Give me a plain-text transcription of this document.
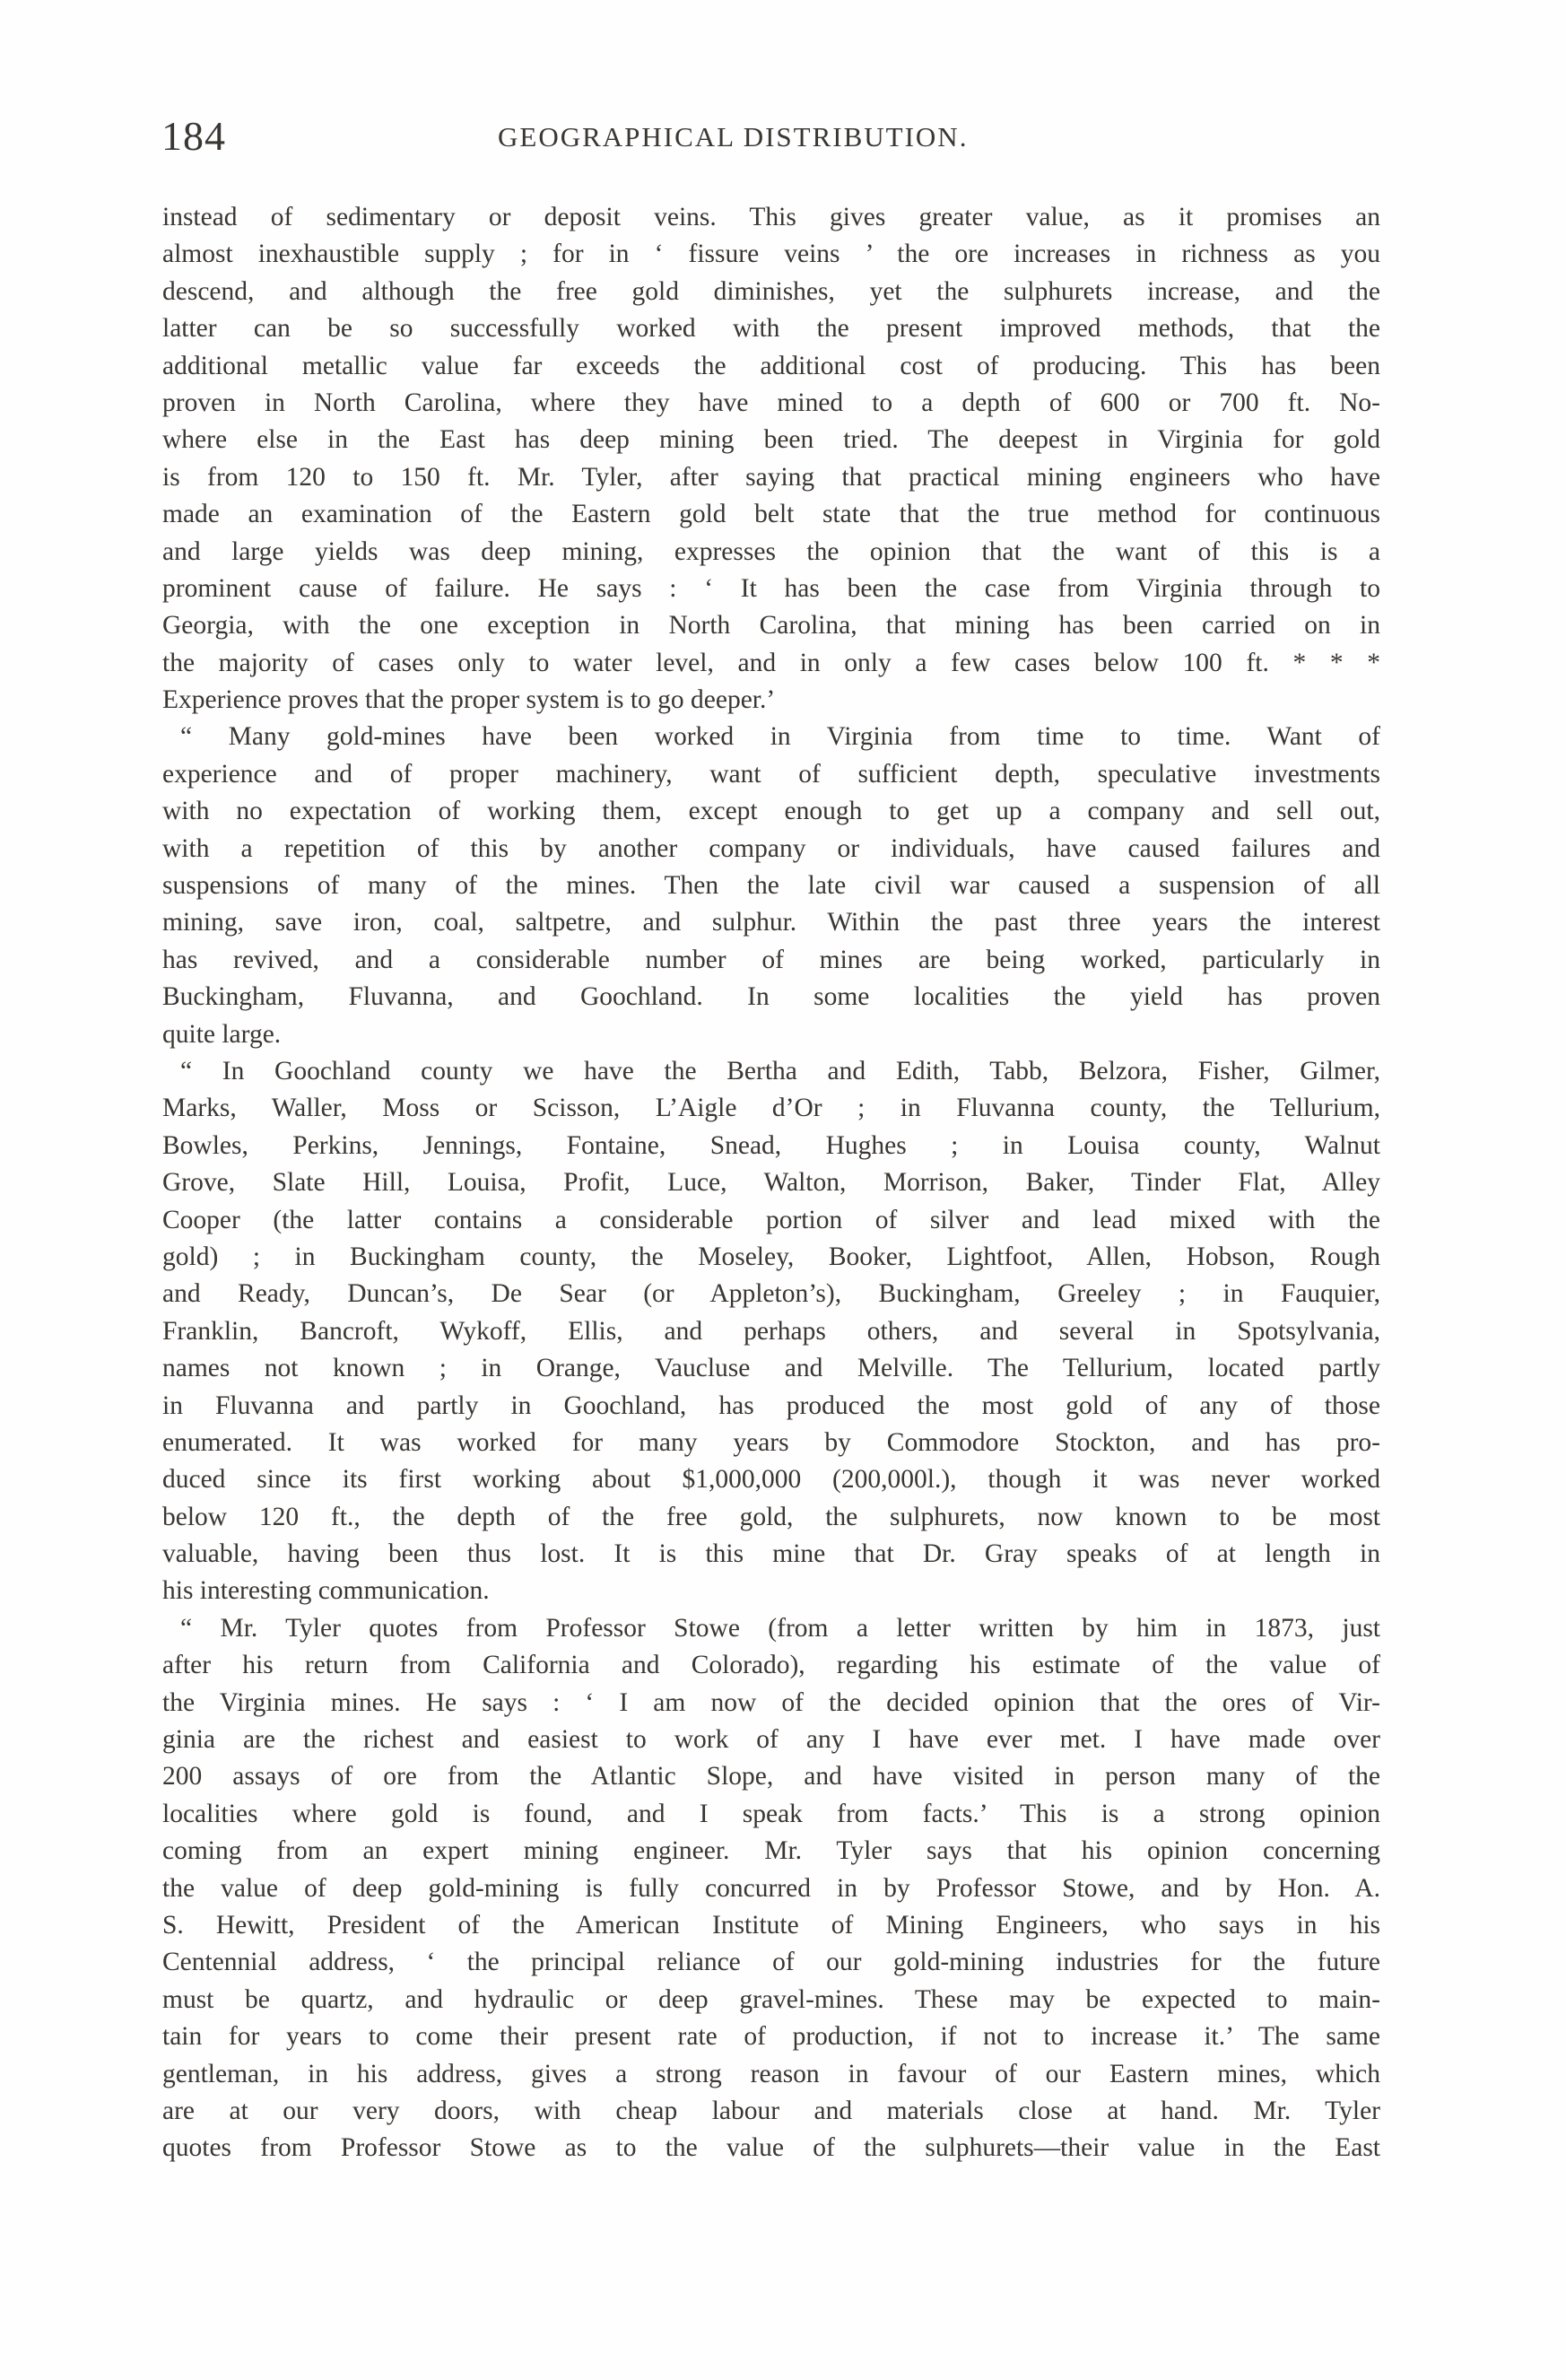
184	GEOGRAPHICAL DISTRIBUTION.
instead of sedimentary or deposit veins. This gives greater value, as it promises an
almost inexhaustible supply ; for in ‘ fissure veins ’ the ore increases in richness as you
descend, and although the free gold diminishes, yet the sulphurets increase, and the
latter can be so successfully worked with the present improved methods, that the
additional metallic value far exceeds the additional cost of producing. This has been
proven in North Carolina, where they have mined to a depth of 600 or 700 ft. No-
where else in the East has deep mining been tried. The deepest in Virginia for gold
is from 120 to 150 ft. Mr. Tyler, after saying that practical mining engineers who have
made an examination of the Eastern gold belt state that the true method for continuous
and large yields was deep mining, expresses the opinion that the want of this is a
prominent cause of failure. He says : ‘ It has been the case from Virginia through to
Georgia, with the one exception in North Carolina, that mining has been carried on in
the majority of cases only to water level, and in only a few cases below 100 ft. * * *
Experience proves that the proper system is to go deeper.’
“ Many gold-mines have been worked in Virginia from time to time. Want of
experience and of proper machinery, want of sufficient depth, speculative investments
with no expectation of working them, except enough to get up a company and sell out,
with a repetition of this by another company or individuals, have caused failures and
suspensions of many of the mines. Then the late civil war caused a suspension of all
mining, save iron, coal, saltpetre, and sulphur. Within the past three years the interest
has revived, and a considerable number of mines are being worked, particularly in
Buckingham, Fluvanna, and Goochland. In some localities the yield has proven
quite large.
“ In Goochland county we have the Bertha and Edith, Tabb, Belzora, Fisher, Gilmer,
Marks, Waller, Moss or Scisson, L’Aigle d’Or ; in Fluvanna county, the Tellurium,
Bowles, Perkins, Jennings, Fontaine, Snead, Hughes ; in Louisa county, Walnut
Grove, Slate Hill, Louisa, Profit, Luce, Walton, Morrison, Baker, Tinder Flat, Alley
Cooper (the latter contains a considerable portion of silver and lead mixed with the
gold) ; in Buckingham county, the Moseley, Booker, Lightfoot, Allen, Hobson, Rough
and Ready, Duncan’s, De Sear (or Appleton’s), Buckingham, Greeley ; in Fauquier,
Franklin, Bancroft, Wykoff, Ellis, and perhaps others, and several in Spotsylvania,
names not known ; in Orange, Vaucluse and Melville. The Tellurium, located partly
in Fluvanna and partly in Goochland, has produced the most gold of any of those
enumerated. It was worked for many years by Commodore Stockton, and has pro-
duced since its first working about $1,000,000 (200,000l.), though it was never worked
below 120 ft., the depth of the free gold, the sulphurets, now known to be most
valuable, having been thus lost. It is this mine that Dr. Gray speaks of at length in
his interesting communication.
“ Mr. Tyler quotes from Professor Stowe (from a letter written by him in 1873, just
after his return from California and Colorado), regarding his estimate of the value of
the Virginia mines. He says : ‘ I am now of the decided opinion that the ores of Vir-
ginia are the richest and easiest to work of any I have ever met. I have made over
200 assays of ore from the Atlantic Slope, and have visited in person many of the
localities where gold is found, and I speak from facts.’ This is a strong opinion
coming from an expert mining engineer. Mr. Tyler says that his opinion concerning
the value of deep gold-mining is fully concurred in by Professor Stowe, and by Hon. A.
S. Hewitt, President of the American Institute of Mining Engineers, who says in his
Centennial address, ‘ the principal reliance of our gold-mining industries for the future
must be quartz, and hydraulic or deep gravel-mines. These may be expected to main-
tain for years to come their present rate of production, if not to increase it.’ The same
gentleman, in his address, gives a strong reason in favour of our Eastern mines, which
are at our very doors, with cheap labour and materials close at hand. Mr. Tyler
quotes from Professor Stowe as to the value of the sulphurets—their value in the East
